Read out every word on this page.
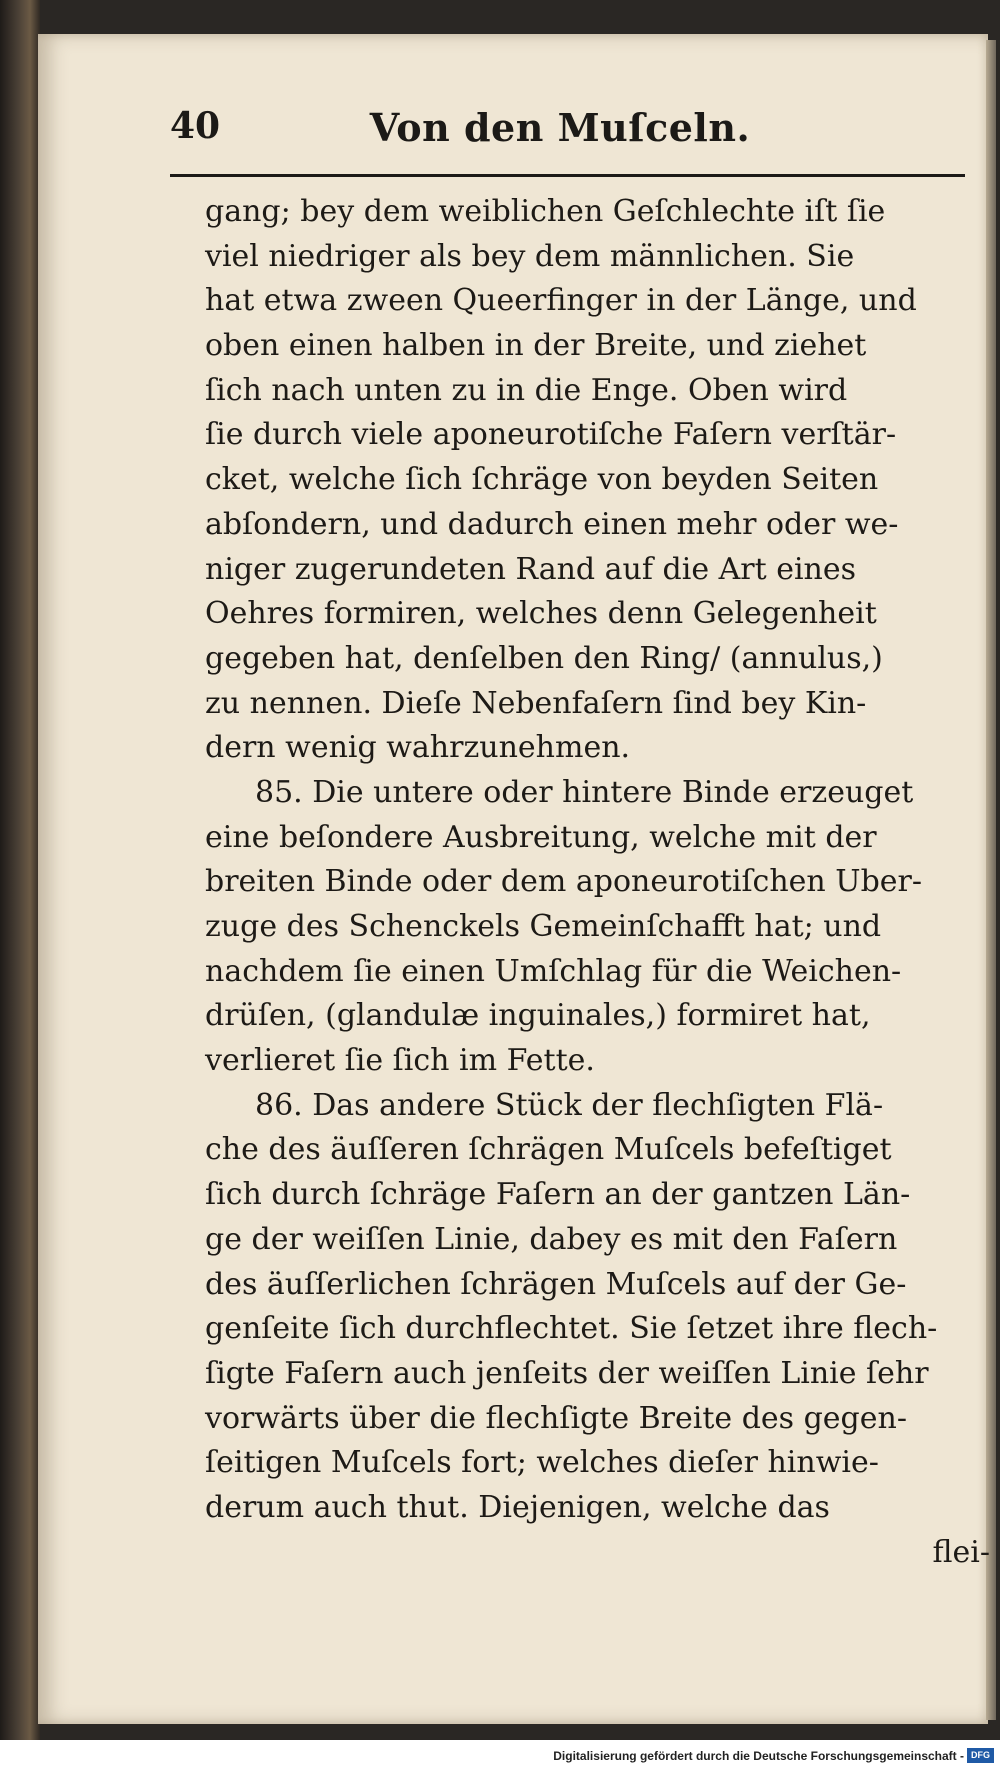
40	Von den Muſceln.
gang; bey dem weiblichen Geſchlechte iſt ſie
viel niedriger als bey dem männlichen. Sie
hat etwa zween Queerfinger in der Länge, und
oben einen halben in der Breite, und ziehet
ſich nach unten zu in die Enge. Oben wird
ſie durch viele aponeurotiſche Faſern verſtär-
cket, welche ſich ſchräge von beyden Seiten
abſondern, und dadurch einen mehr oder we-
niger zugerundeten Rand auf die Art eines
Oehres formiren, welches denn Gelegenheit
gegeben hat, denſelben den Ring/ (annulus,)
zu nennen. Dieſe Nebenfaſern ſind bey Kin-
dern wenig wahrzunehmen.
85. Die untere oder hintere Binde erzeuget
eine beſondere Ausbreitung, welche mit der
breiten Binde oder dem aponeurotiſchen Uber-
zuge des Schenckels Gemeinſchafft hat; und
nachdem ſie einen Umſchlag für die Weichen-
drüſen, (glandulæ inguinales,) formiret hat,
verlieret ſie ſich im Fette.
86. Das andere Stück der flechſigten Flä-
che des äuſſeren ſchrägen Muſcels befeſtiget
ſich durch ſchräge Faſern an der gantzen Län-
ge der weiſſen Linie, dabey es mit den Faſern
des äuſſerlichen ſchrägen Muſcels auf der Ge-
genſeite ſich durchflechtet. Sie ſetzet ihre flech-
ſigte Faſern auch jenſeits der weiſſen Linie ſehr
vorwärts über die flechſigte Breite des gegen-
ſeitigen Muſcels fort; welches dieſer hinwie-
derum auch thut. Diejenigen, welche das
flei-
Digitalisierung gefördert durch die Deutsche Forschungsgemeinschaft - DFG
